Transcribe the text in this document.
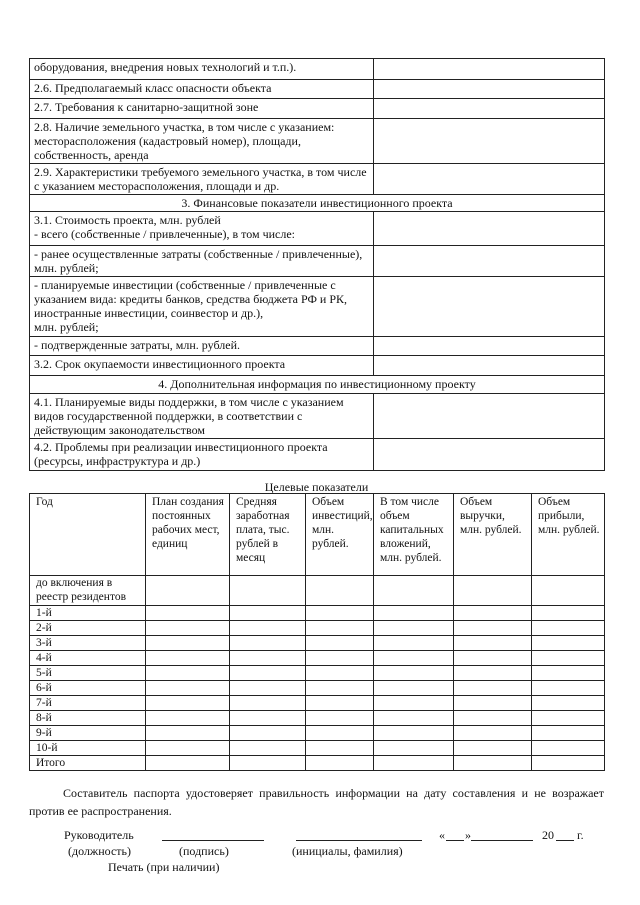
оборудования, внедрения новых технологий и т.п.).	
2.6. Предполагаемый класс опасности объекта	
2.7. Требования к санитарно-защитной зоне	
2.8. Наличие земельного участка, в том числе с указанием: месторасположения (кадастровый номер), площади, собственность, аренда	
2.9. Характеристики требуемого земельного участка, в том числе с указанием месторасположения, площади и др.	
3. Финансовые показатели инвестиционного проекта	
3.1. Стоимость проекта, млн. рублей
- всего (собственные / привлеченные), в том числе:	
- ранее осуществленные затраты (собственные / привлеченные), млн. рублей;	
- планируемые инвестиции (собственные / привлеченные с указанием вида: кредиты банков, средства бюджета РФ и РК, иностранные инвестиции, соинвестор и др.),
млн. рублей;	
- подтвержденные затраты, млн. рублей.	
3.2. Срок окупаемости инвестиционного проекта	
4. Дополнительная информация по инвестиционному проекту	
4.1. Планируемые виды поддержки, в том числе с указанием видов государственной поддержки, в соответствии с действующим законодательством	
4.2. Проблемы при реализации инвестиционного проекта (ресурсы, инфраструктура и др.)	
Целевые показатели
Год	План создания постоянных рабочих мест, единиц	Средняя заработная плата, тыс. рублей в месяц	Объем инвестиций, млн. рублей.	В том числе объем капитальных вложений, млн. рублей.	Объем выручки, млн. рублей.	Объем прибыли, млн. рублей.
до включения в реестр резидентов						
1-й						
2-й						
3-й						
4-й						
5-й						
6-й						
7-й						
8-й						
9-й						
10-й						
Итого						
Составитель паспорта удостоверяет правильность информации на дату составления и не возражает против ее распространения.
Руководитель	« »	20 г.
(должность)	(подпись)	(инициалы, фамилия)
Печать (при наличии)
